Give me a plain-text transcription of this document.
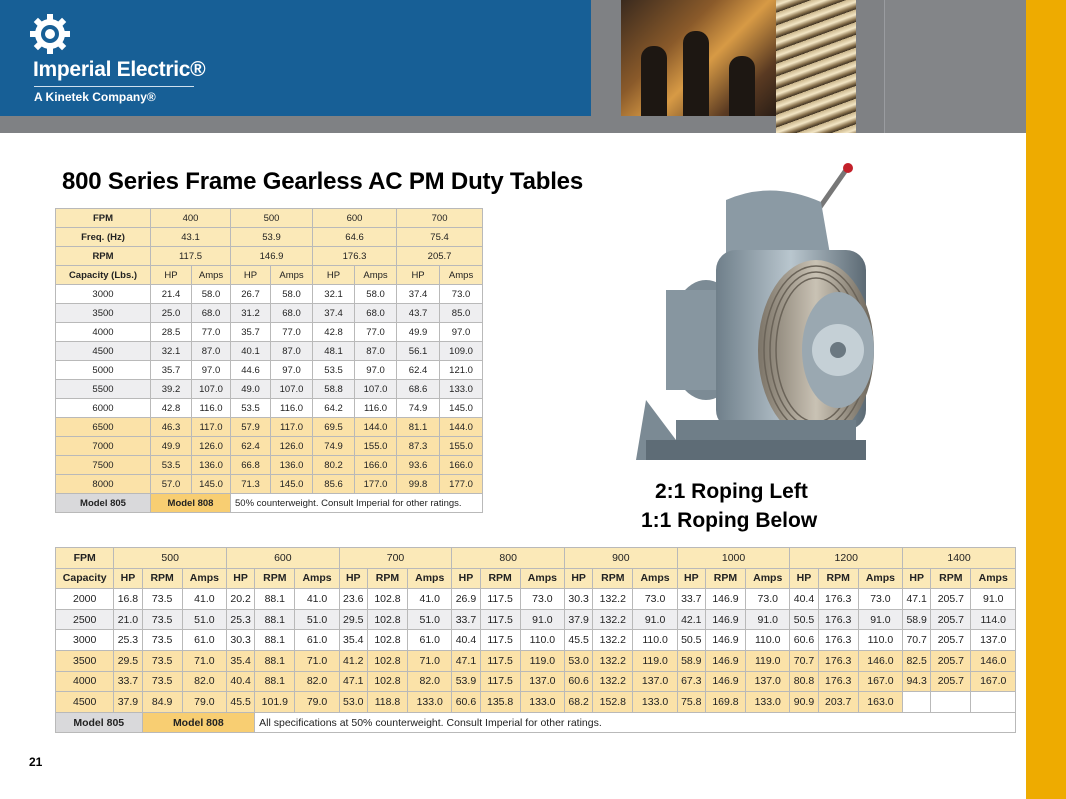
Imperial Electric®
A Kinetek Company®
800 Series Frame Gearless AC PM Duty Tables
FPM	400		500		600		700	
Freq. (Hz)	43.1		53.9		64.6		75.4	
RPM	117.5		146.9		176.3		205.7	
Capacity (Lbs.)	HP	Amps	HP	Amps	HP	Amps	HP	Amps
3000	21.4	58.0	26.7	58.0	32.1	58.0	37.4	73.0
3500	25.0	68.0	31.2	68.0	37.4	68.0	43.7	85.0
4000	28.5	77.0	35.7	77.0	42.8	77.0	49.9	97.0
4500	32.1	87.0	40.1	87.0	48.1	87.0	56.1	109.0
5000	35.7	97.0	44.6	97.0	53.5	97.0	62.4	121.0
5500	39.2	107.0	49.0	107.0	58.8	107.0	68.6	133.0
6000	42.8	116.0	53.5	116.0	64.2	116.0	74.9	145.0
6500	46.3	117.0	57.9	117.0	69.5	144.0	81.1	144.0
7000	49.9	126.0	62.4	126.0	74.9	155.0	87.3	155.0
7500	53.5	136.0	66.8	136.0	80.2	166.0	93.6	166.0
8000	57.0	145.0	71.3	145.0	85.6	177.0	99.8	177.0
Model 805	Model 808		50% counterweight. Consult Imperial for other ratings.						2:1 Roping Left
1:1 Roping Below
FPM	500			600			700			800			900			1000			1200			1400		
Capacity	HP	RPM	Amps	HP	RPM	Amps	HP	RPM	Amps	HP	RPM	Amps	HP	RPM	Amps	HP	RPM	Amps	HP	RPM	Amps	HP	RPM	Amps
2000	16.8	73.5	41.0	20.2	88.1	41.0	23.6	102.8	41.0	26.9	117.5	73.0	30.3	132.2	73.0	33.7	146.9	73.0	40.4	176.3	73.0	47.1	205.7	91.0
2500	21.0	73.5	51.0	25.3	88.1	51.0	29.5	102.8	51.0	33.7	117.5	91.0	37.9	132.2	91.0	42.1	146.9	91.0	50.5	176.3	91.0	58.9	205.7	114.0
3000	25.3	73.5	61.0	30.3	88.1	61.0	35.4	102.8	61.0	40.4	117.5	110.0	45.5	132.2	110.0	50.5	146.9	110.0	60.6	176.3	110.0	70.7	205.7	137.0
3500	29.5	73.5	71.0	35.4	88.1	71.0	41.2	102.8	71.0	47.1	117.5	119.0	53.0	132.2	119.0	58.9	146.9	119.0	70.7	176.3	146.0	82.5	205.7	146.0
4000	33.7	73.5	82.0	40.4	88.1	82.0	47.1	102.8	82.0	53.9	117.5	137.0	60.6	132.2	137.0	67.3	146.9	137.0	80.8	176.3	167.0	94.3	205.7	167.0
4500	37.9	84.9	79.0	45.5	101.9	79.0	53.0	118.8	133.0	60.6	135.8	133.0	68.2	152.8	133.0	75.8	169.8	133.0	90.9	203.7	163.0			
Model 805		Model 808			All specifications at 50% counterweight. Consult Imperial for other ratings.																			
21
